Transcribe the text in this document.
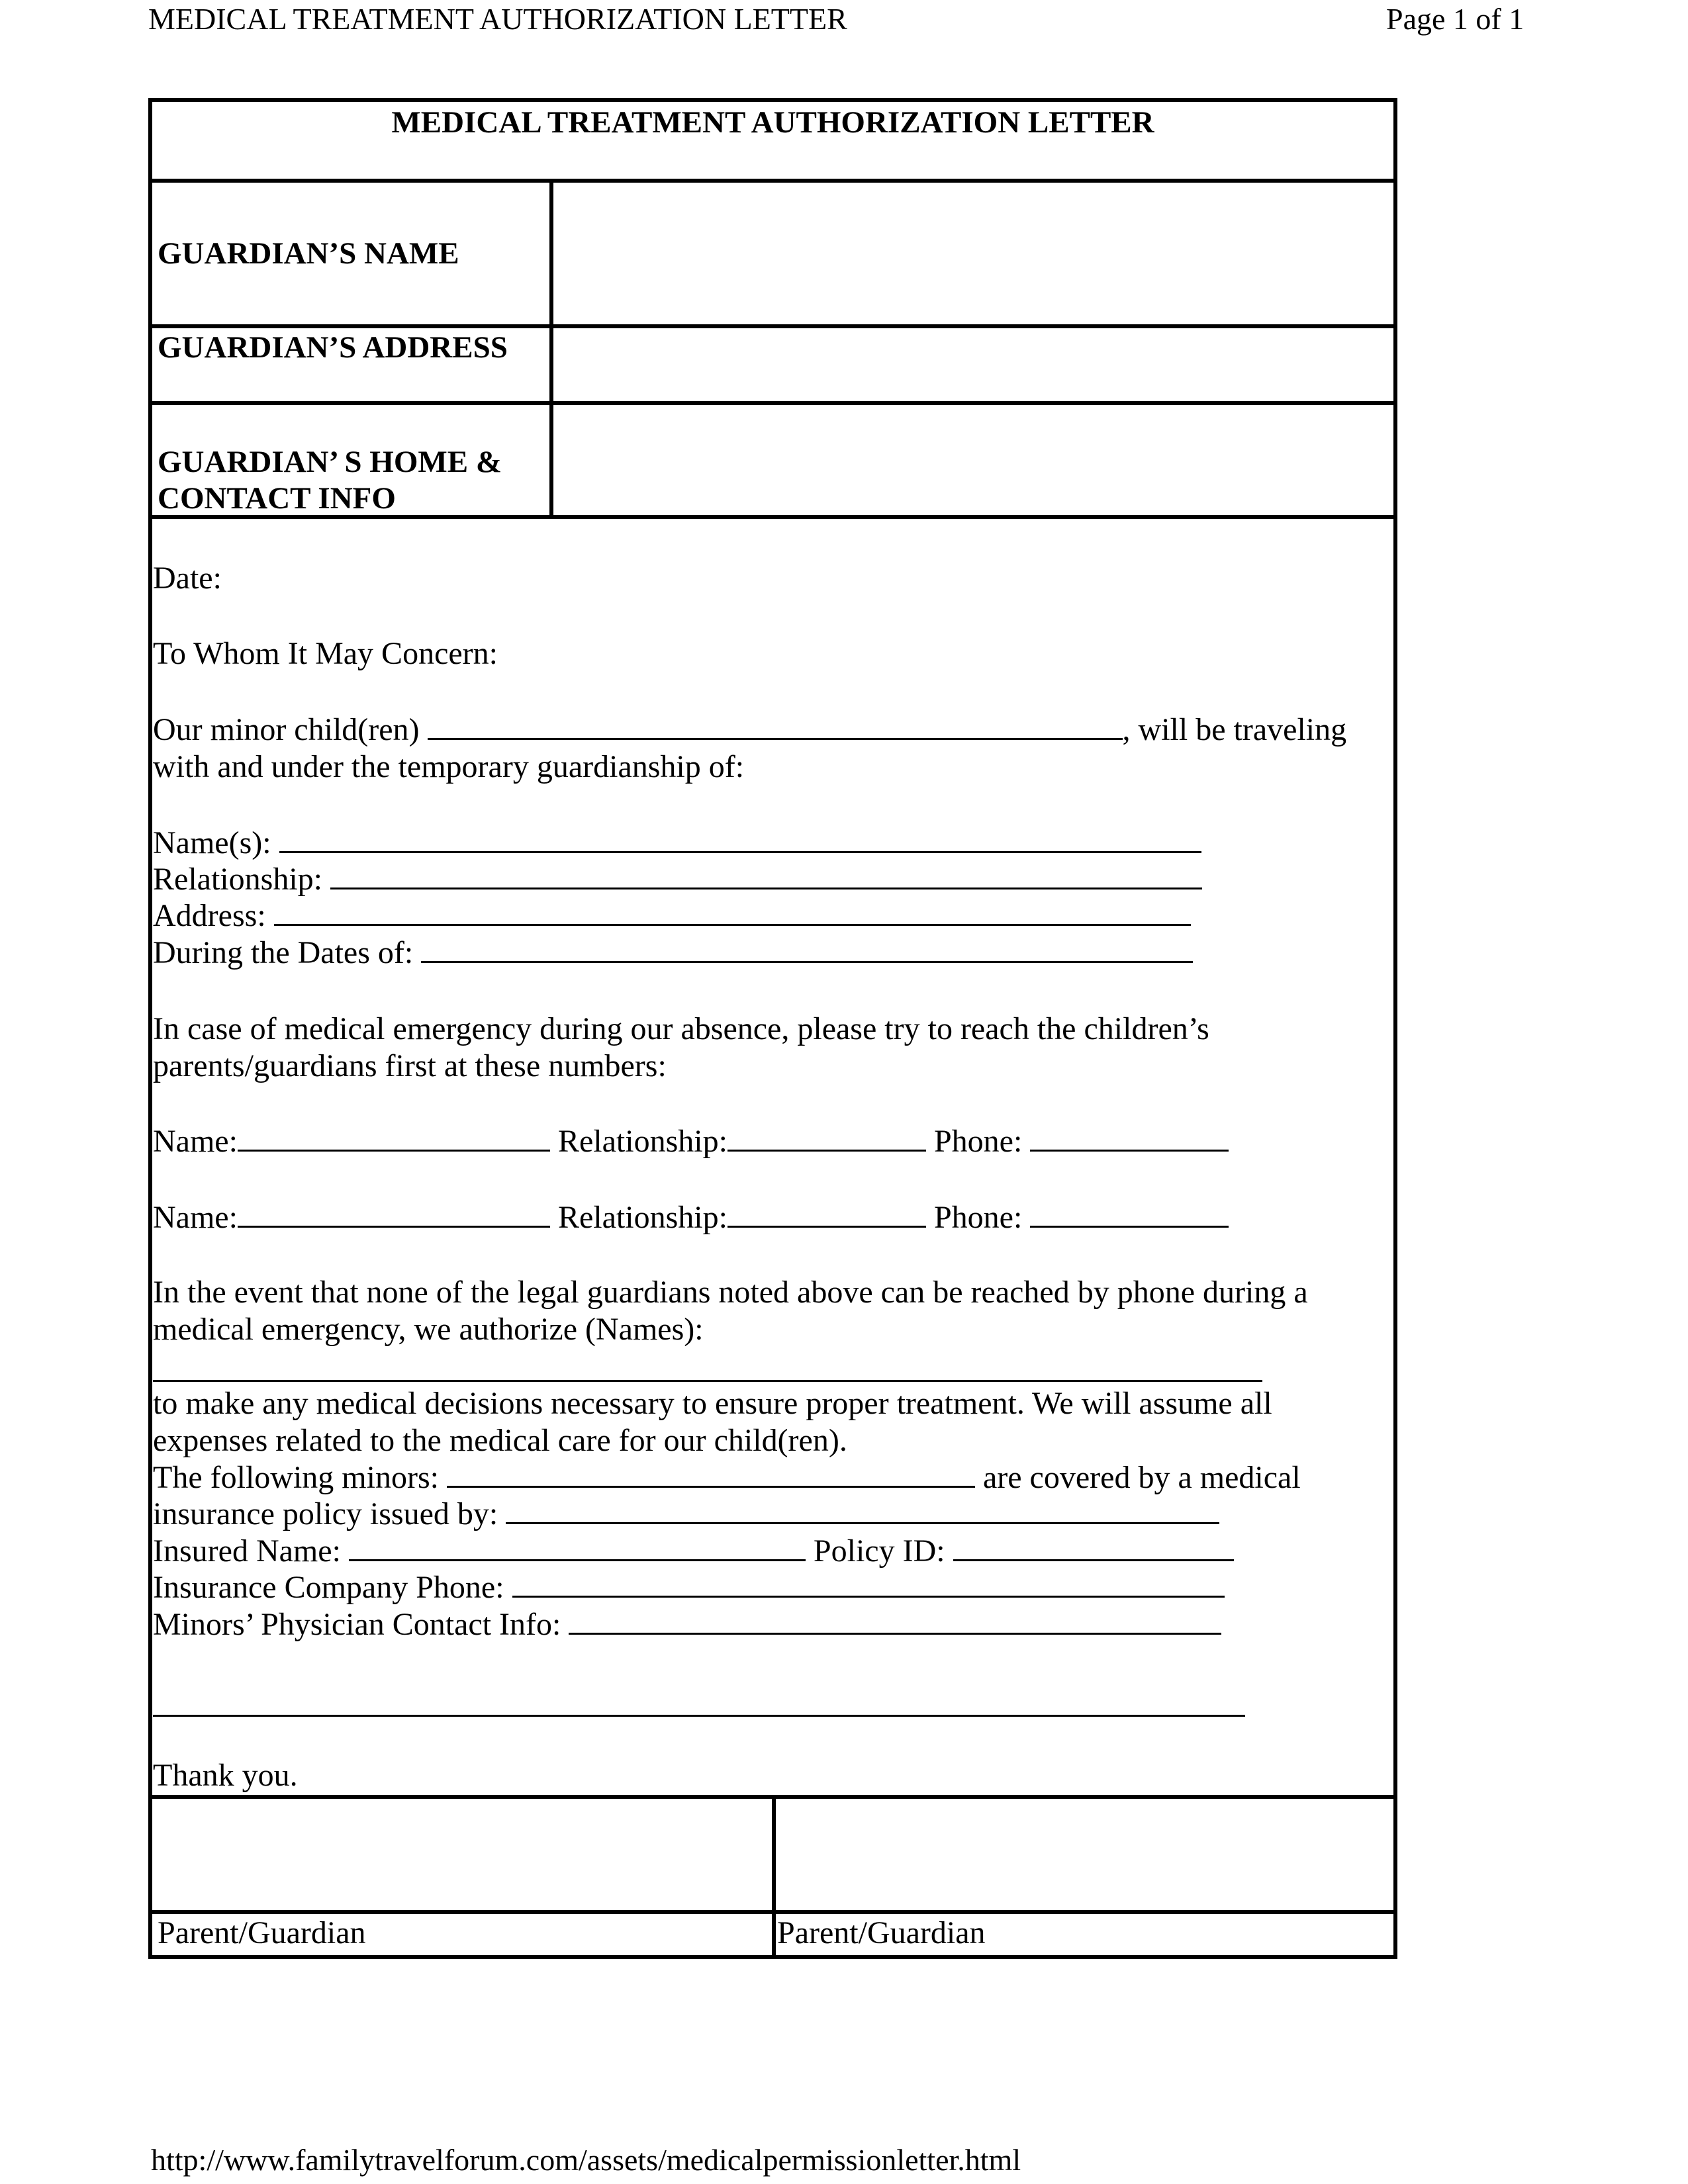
MEDICAL TREATMENT AUTHORIZATION LETTER	Page 1 of 1
MEDICAL TREATMENT AUTHORIZATION LETTER
GUARDIAN’S NAME
GUARDIAN’S ADDRESS
GUARDIAN’ S HOME &
CONTACT INFO
Date:
To Whom It May Concern:
Our minor child(ren)	, will be traveling
with and under the temporary guardianship of:
Name(s):
Relationship:
Address:
During the Dates of:
In case of medical emergency during our absence, please try to reach the children’s
parents/guardians first at these numbers:
Name:	Relationship:	Phone:
Name:	Relationship:	Phone:
In the event that none of the legal guardians noted above can be reached by phone during a
medical emergency, we authorize (Names):
to make any medical decisions necessary to ensure proper treatment. We will assume all
expenses related to the medical care for our child(ren).
The following minors:	are covered by a medical
insurance policy issued by:
Insured Name:	Policy ID:
Insurance Company Phone:
Minors’ Physician Contact Info:
Thank you.
Parent/Guardian	Parent/Guardian
http://www.familytravelforum.com/assets/medicalpermissionletter.html
